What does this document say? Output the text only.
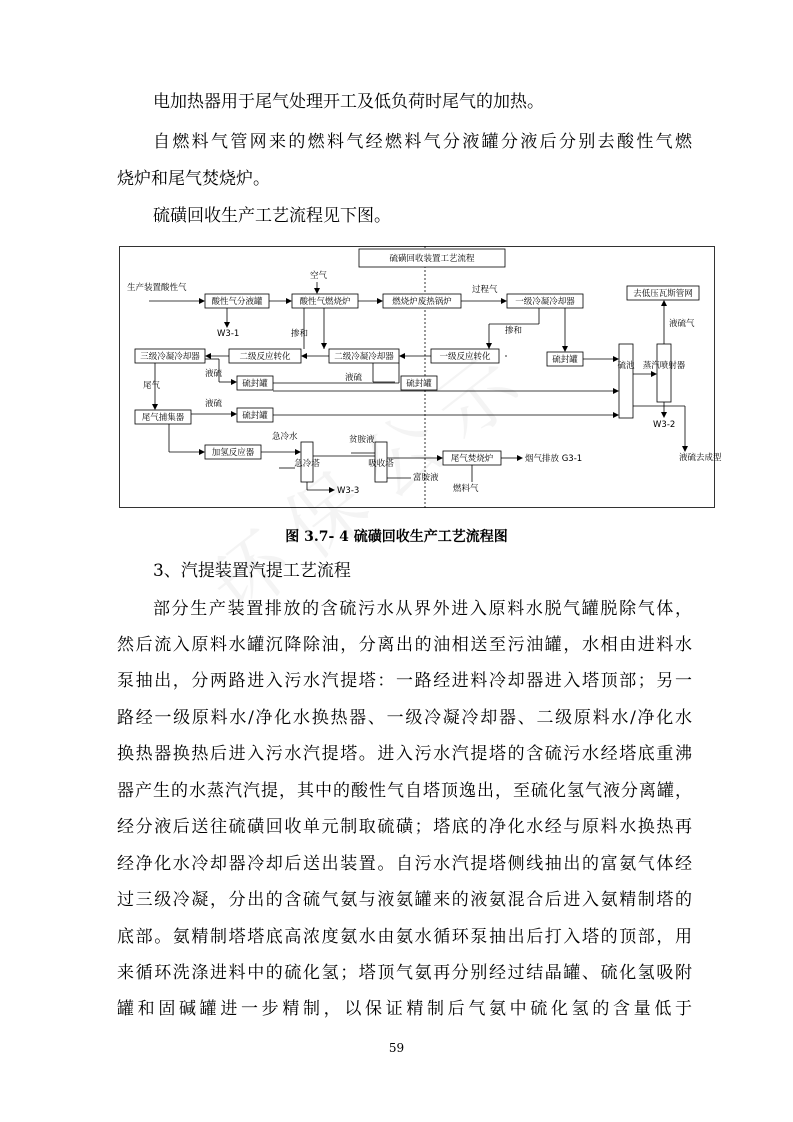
电加热器用于尾气处理开工及低负荷时尾气的加热。

自燃料气管网来的燃料气经燃料气分液罐分液后分别去酸性气燃

烧炉和尾气焚烧炉。

硫磺回收生产工艺流程见下图。

硫磺回收装置工艺流程
生产装置酸性气
酸性气分液罐	酸性气燃烧炉
空气
燃烧炉废热锅炉
过程气
一级冷凝冷却器
W3-1	掺和	掺和
去低压瓦斯管网
三级冷凝冷却器	二级反应转化	二级冷凝冷却器	一级反应转化	硫封罐
硫池 蒸汽喷射器
液硫气
W3-2
液硫去成型
尾气
液硫
硫封罐
液硫
硫封罐
尾气捕集器
液硫
硫封罐
加氢反应器
急冷水
急冷塔
W3-3
贫胺液
吸收塔
富胺液
尾气焚烧炉
燃料气
烟气排放 G3-1

图 3.7- 4 硫磺回收生产工艺流程图

3、汽提装置汽提工艺流程

部分生产装置排放的含硫污水从界外进入原料水脱气罐脱除气体，

然后流入原料水罐沉降除油，分离出的油相送至污油罐，水相由进料水

泵抽出，分两路进入污水汽提塔：一路经进料冷却器进入塔顶部；另一

路经一级原料水/净化水换热器、一级冷凝冷却器、二级原料水/净化水

换热器换热后进入污水汽提塔。进入污水汽提塔的含硫污水经塔底重沸

器产生的水蒸汽汽提，其中的酸性气自塔顶逸出，至硫化氢气液分离罐，

经分液后送往硫磺回收单元制取硫磺；塔底的净化水经与原料水换热再

经净化水冷却器冷却后送出装置。自污水汽提塔侧线抽出的富氨气体经

过三级冷凝，分出的含硫气氨与液氨罐来的液氨混合后进入氨精制塔的

底部。氨精制塔塔底高浓度氨水由氨水循环泵抽出后打入塔的顶部，用

来循环洗涤进料中的硫化氢；塔顶气氨再分别经过结晶罐、硫化氢吸附

罐和固碱罐进一步精制，以保证精制后气氨中硫化氢的含量低于

59
